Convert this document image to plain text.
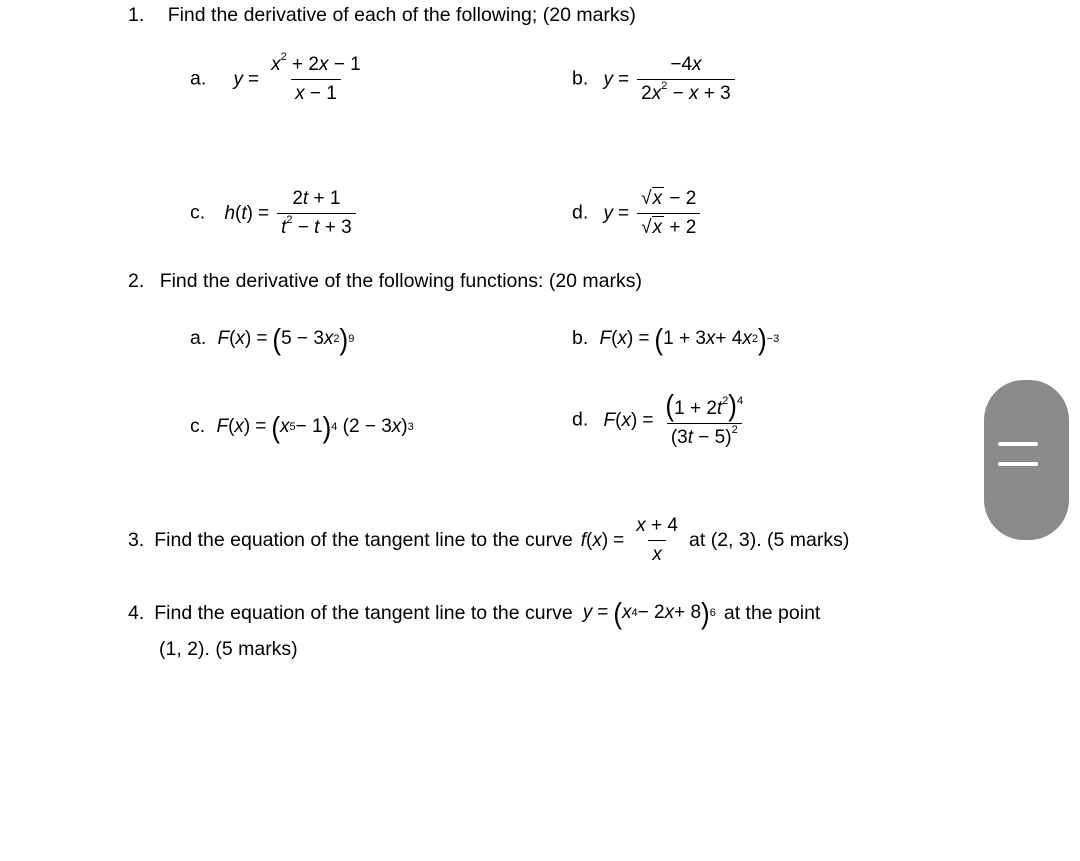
1. Find the derivative of each of the following; (20 marks)
a. $y = \frac{x^2 + 2x - 1}{x - 1}$	b. $y = \frac{-4x}{2x^2 - x + 3}$
c. h ( t ) = $\frac{2t + 1}{t^2 - t + 3}$	d. $y = \frac{√x - 2}{√x + 2}$
2. Find the derivative of the following functions: (20 marks)
a. F ( x ) = ( 5 − 3 x 2 ) 9	b. F ( x ) = ( 1 + 3 x + 4 x 2 ) −3
c. F ( x ) = ( x 5 − 1 ) 4 (2 − 3 x ) 3	d. F ( x ) = $\frac{(1 + 2t^2)^4}{(3t - 5)^2}$
3. Find the equation of the tangent line to the curve f ( x ) = $\frac{x + 4}{x}$ at (2, 3). (5 marks)
4. Find the equation of the tangent line to the curve y = ( x 4 − 2 x + 8 ) 6 at the point
(1, 2). (5 marks)
